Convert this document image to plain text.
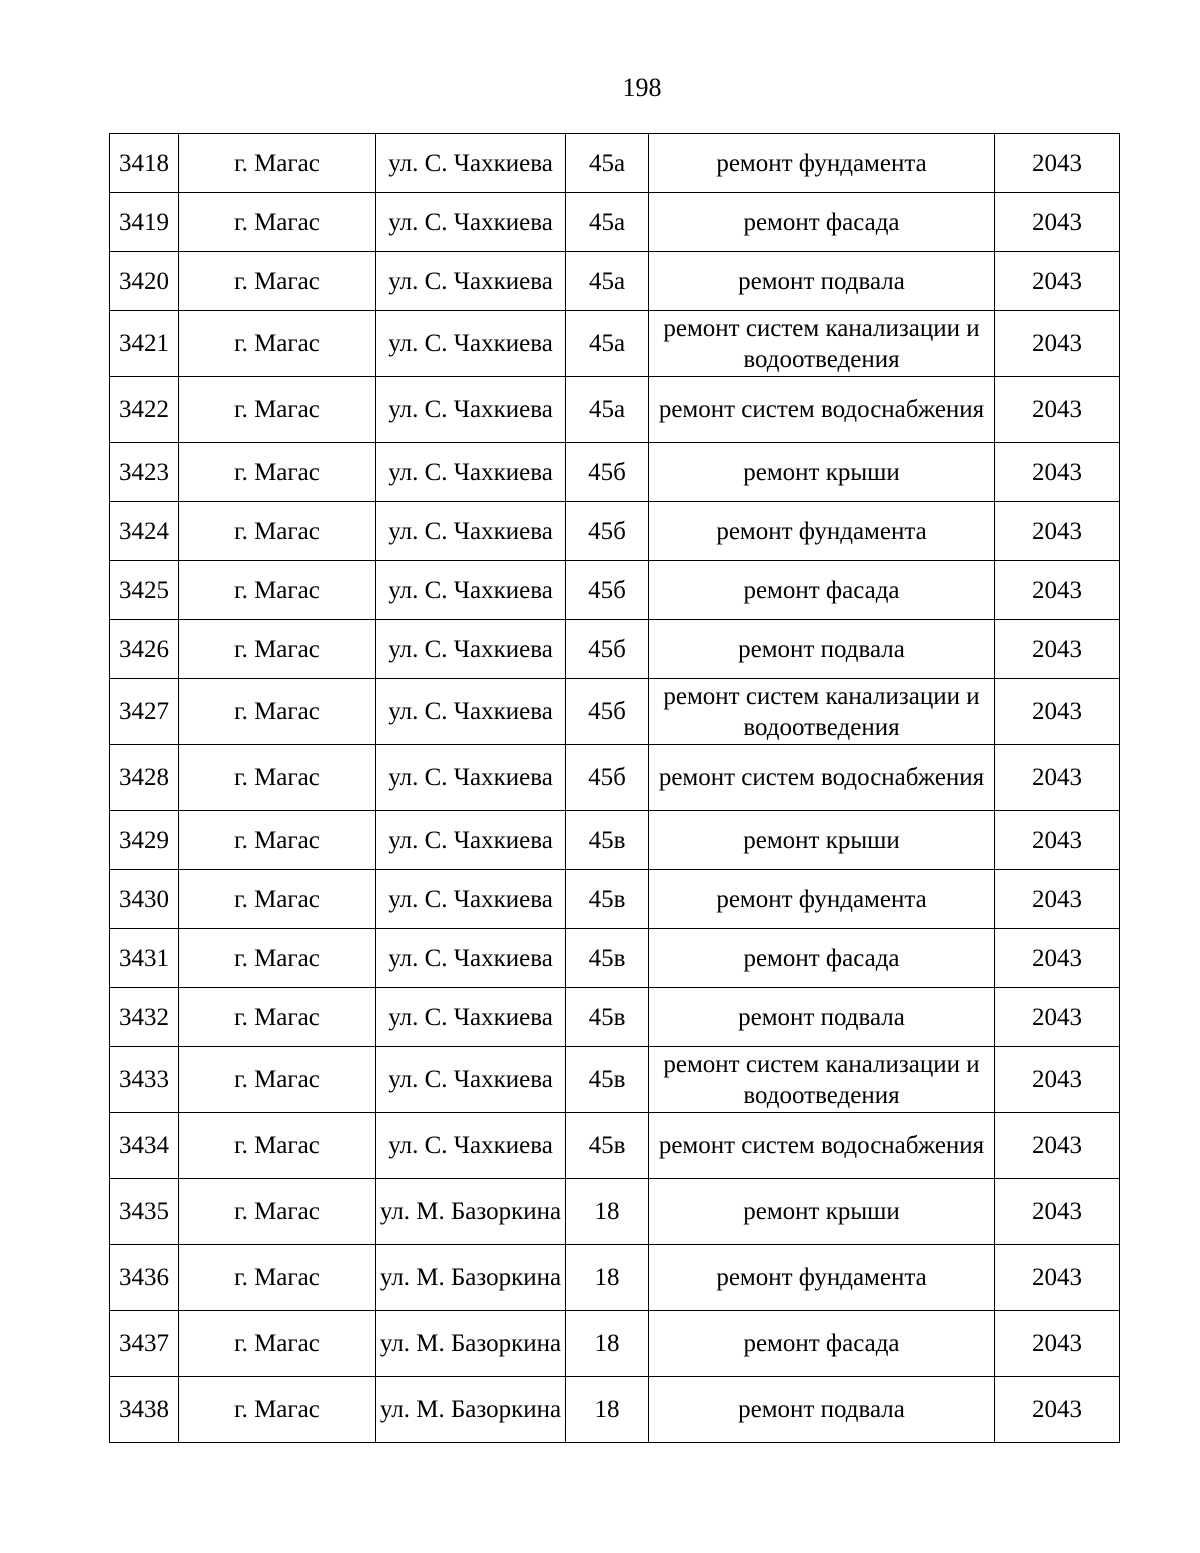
198
3418	г. Магас	ул. С. Чахкиева	45а	ремонт фундамента	2043
3419	г. Магас	ул. С. Чахкиева	45а	ремонт фасада	2043
3420	г. Магас	ул. С. Чахкиева	45а	ремонт подвала	2043
3421	г. Магас	ул. С. Чахкиева	45а	ремонт систем канализации и водоотведения	2043
3422	г. Магас	ул. С. Чахкиева	45а	ремонт систем водоснабжения	2043
3423	г. Магас	ул. С. Чахкиева	45б	ремонт крыши	2043
3424	г. Магас	ул. С. Чахкиева	45б	ремонт фундамента	2043
3425	г. Магас	ул. С. Чахкиева	45б	ремонт фасада	2043
3426	г. Магас	ул. С. Чахкиева	45б	ремонт подвала	2043
3427	г. Магас	ул. С. Чахкиева	45б	ремонт систем канализации и водоотведения	2043
3428	г. Магас	ул. С. Чахкиева	45б	ремонт систем водоснабжения	2043
3429	г. Магас	ул. С. Чахкиева	45в	ремонт крыши	2043
3430	г. Магас	ул. С. Чахкиева	45в	ремонт фундамента	2043
3431	г. Магас	ул. С. Чахкиева	45в	ремонт фасада	2043
3432	г. Магас	ул. С. Чахкиева	45в	ремонт подвала	2043
3433	г. Магас	ул. С. Чахкиева	45в	ремонт систем канализации и водоотведения	2043
3434	г. Магас	ул. С. Чахкиева	45в	ремонт систем водоснабжения	2043
3435	г. Магас	ул. М. Базоркина	18	ремонт крыши	2043
3436	г. Магас	ул. М. Базоркина	18	ремонт фундамента	2043
3437	г. Магас	ул. М. Базоркина	18	ремонт фасада	2043
3438	г. Магас	ул. М. Базоркина	18	ремонт подвала	2043
